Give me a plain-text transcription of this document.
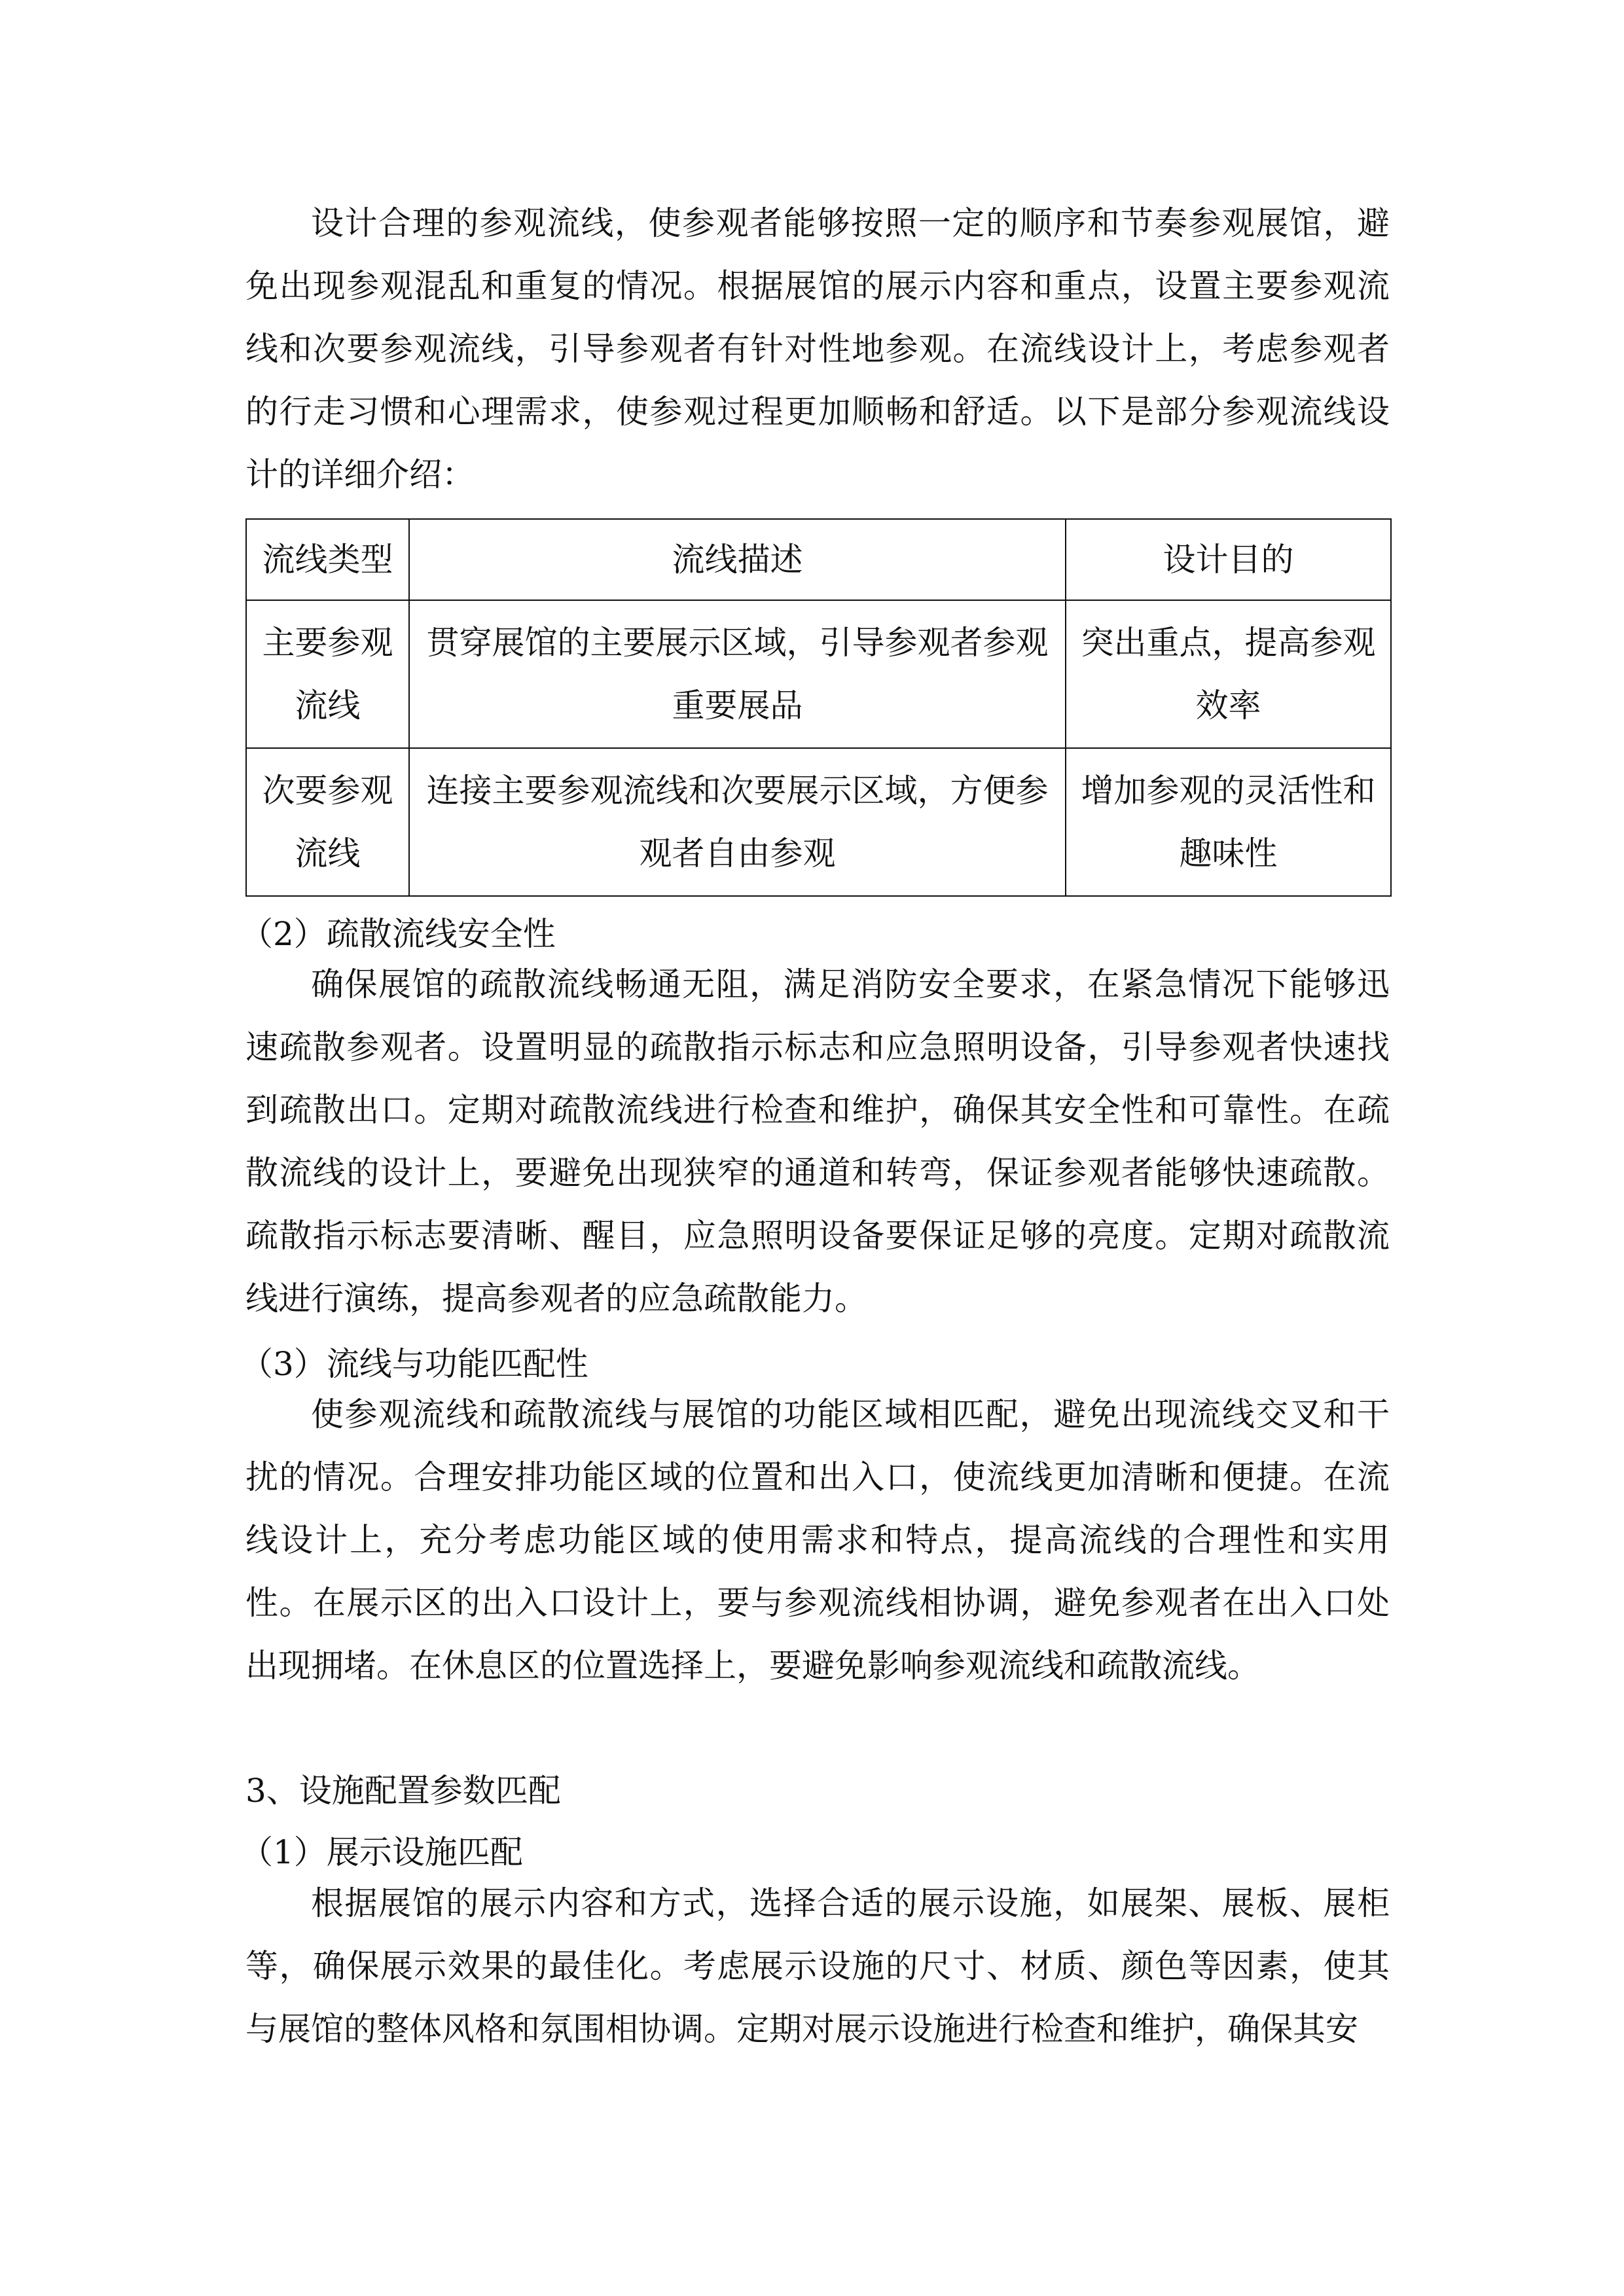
设计合理的参观流线，使参观者能够按照一定的顺序和节奏参观展馆，避免出现参观混乱和重复的情况。根据展馆的展示内容和重点，设置主要参观流线和次要参观流线，引导参观者有针对性地参观。在流线设计上，考虑参观者的行走习惯和心理需求，使参观过程更加顺畅和舒适。以下是部分参观流线设计的详细介绍：

流线类型	流线描述	设计目的
主要参观流线	贯穿展馆的主要展示区域，引导参观者参观重要展品	突出重点，提高参观效率
次要参观流线	连接主要参观流线和次要展示区域，方便参观者自由参观	增加参观的灵活性和趣味性

（2）疏散流线安全性

确保展馆的疏散流线畅通无阻，满足消防安全要求，在紧急情况下能够迅速疏散参观者。设置明显的疏散指示标志和应急照明设备，引导参观者快速找到疏散出口。定期对疏散流线进行检查和维护，确保其安全性和可靠性。在疏散流线的设计上，要避免出现狭窄的通道和转弯，保证参观者能够快速疏散。疏散指示标志要清晰、醒目，应急照明设备要保证足够的亮度。定期对疏散流线进行演练，提高参观者的应急疏散能力。

（3）流线与功能匹配性

使参观流线和疏散流线与展馆的功能区域相匹配，避免出现流线交叉和干扰的情况。合理安排功能区域的位置和出入口，使流线更加清晰和便捷。在流线设计上，充分考虑功能区域的使用需求和特点，提高流线的合理性和实用性。在展示区的出入口设计上，要与参观流线相协调，避免参观者在出入口处出现拥堵。在休息区的位置选择上，要避免影响参观流线和疏散流线。

3、设施配置参数匹配

（1）展示设施匹配

根据展馆的展示内容和方式，选择合适的展示设施，如展架、展板、展柜等，确保展示效果的最佳化。考虑展示设施的尺寸、材质、颜色等因素，使其与展馆的整体风格和氛围相协调。定期对展示设施进行检查和维护，确保其安
